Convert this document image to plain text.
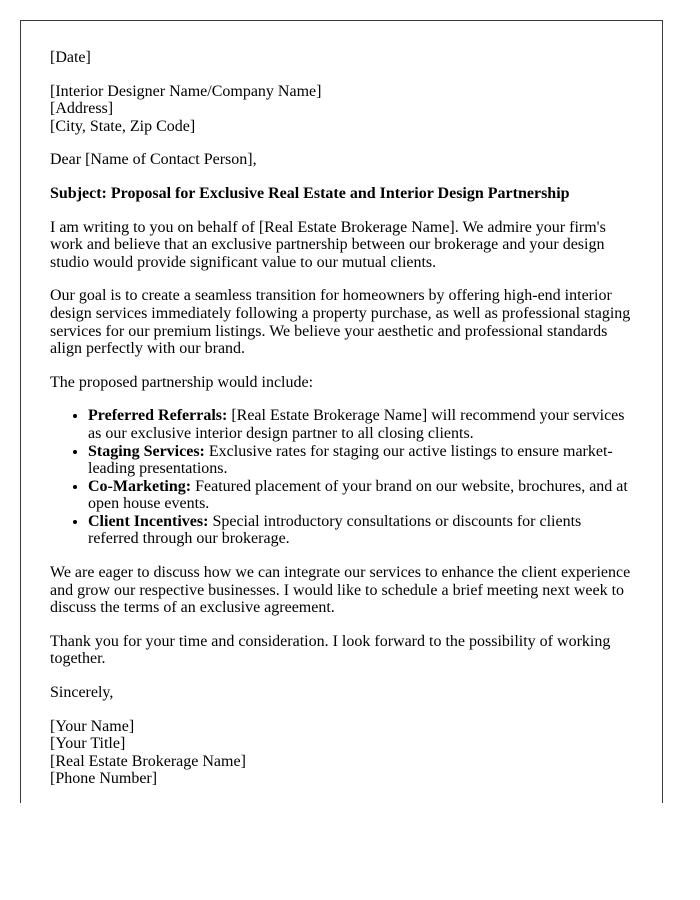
[Date]

[Interior Designer Name/Company Name]
[Address]
[City, State, Zip Code]

Dear [Name of Contact Person],

Subject: Proposal for Exclusive Real Estate and Interior Design Partnership

I am writing to you on behalf of [Real Estate Brokerage Name]. We admire your firm's work and believe that an exclusive partnership between our brokerage and your design studio would provide significant value to our mutual clients.

Our goal is to create a seamless transition for homeowners by offering high-end interior design services immediately following a property purchase, as well as professional staging services for our premium listings. We believe your aesthetic and professional standards align perfectly with our brand.

The proposed partnership would include:

• Preferred Referrals: [Real Estate Brokerage Name] will recommend your services as our exclusive interior design partner to all closing clients.
• Staging Services: Exclusive rates for staging our active listings to ensure market-leading presentations.
• Co-Marketing: Featured placement of your brand on our website, brochures, and at open house events.
• Client Incentives: Special introductory consultations or discounts for clients referred through our brokerage.

We are eager to discuss how we can integrate our services to enhance the client experience and grow our respective businesses. I would like to schedule a brief meeting next week to discuss the terms of an exclusive agreement.

Thank you for your time and consideration. I look forward to the possibility of working together.

Sincerely,

[Your Name]
[Your Title]
[Real Estate Brokerage Name]
[Phone Number]
